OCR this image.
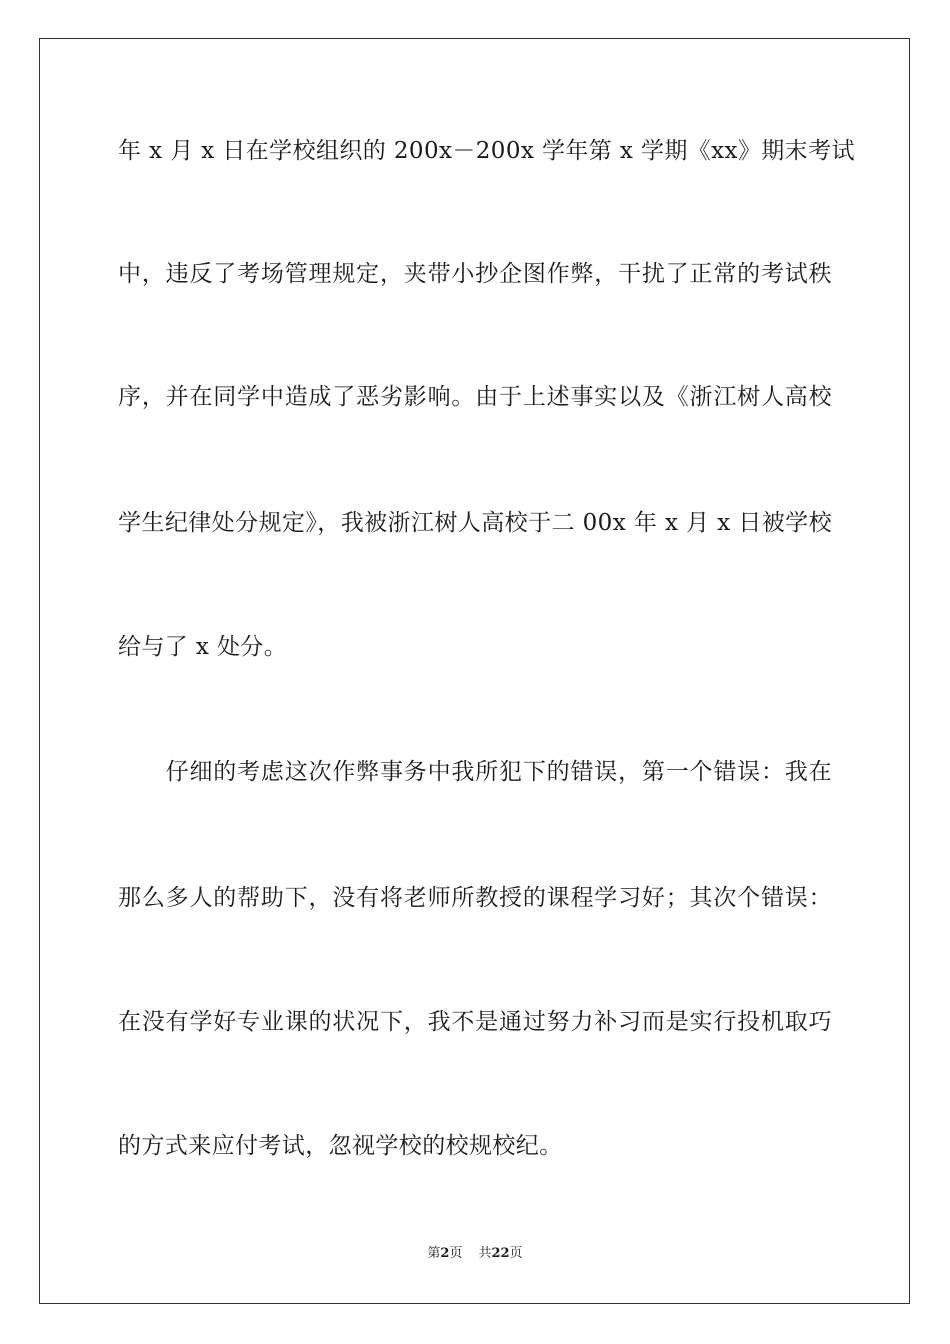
年 x 月 x 日在学校组织的 200x－200x 学年第 x 学期《xx》期末考试
中，违反了考场管理规定，夹带小抄企图作弊，干扰了正常的考试秩
序，并在同学中造成了恶劣影响。由于上述事实以及《浙江树人高校
学生纪律处分规定》，我被浙江树人高校于二 00x 年 x 月 x 日被学校
给与了 x 处分。
　　仔细的考虑这次作弊事务中我所犯下的错误，第一个错误：我在
那么多人的帮助下，没有将老师所教授的课程学习好；其次个错误：
在没有学好专业课的状况下，我不是通过努力补习而是实行投机取巧
的方式来应付考试，忽视学校的校规校纪。
第2页 共22页
